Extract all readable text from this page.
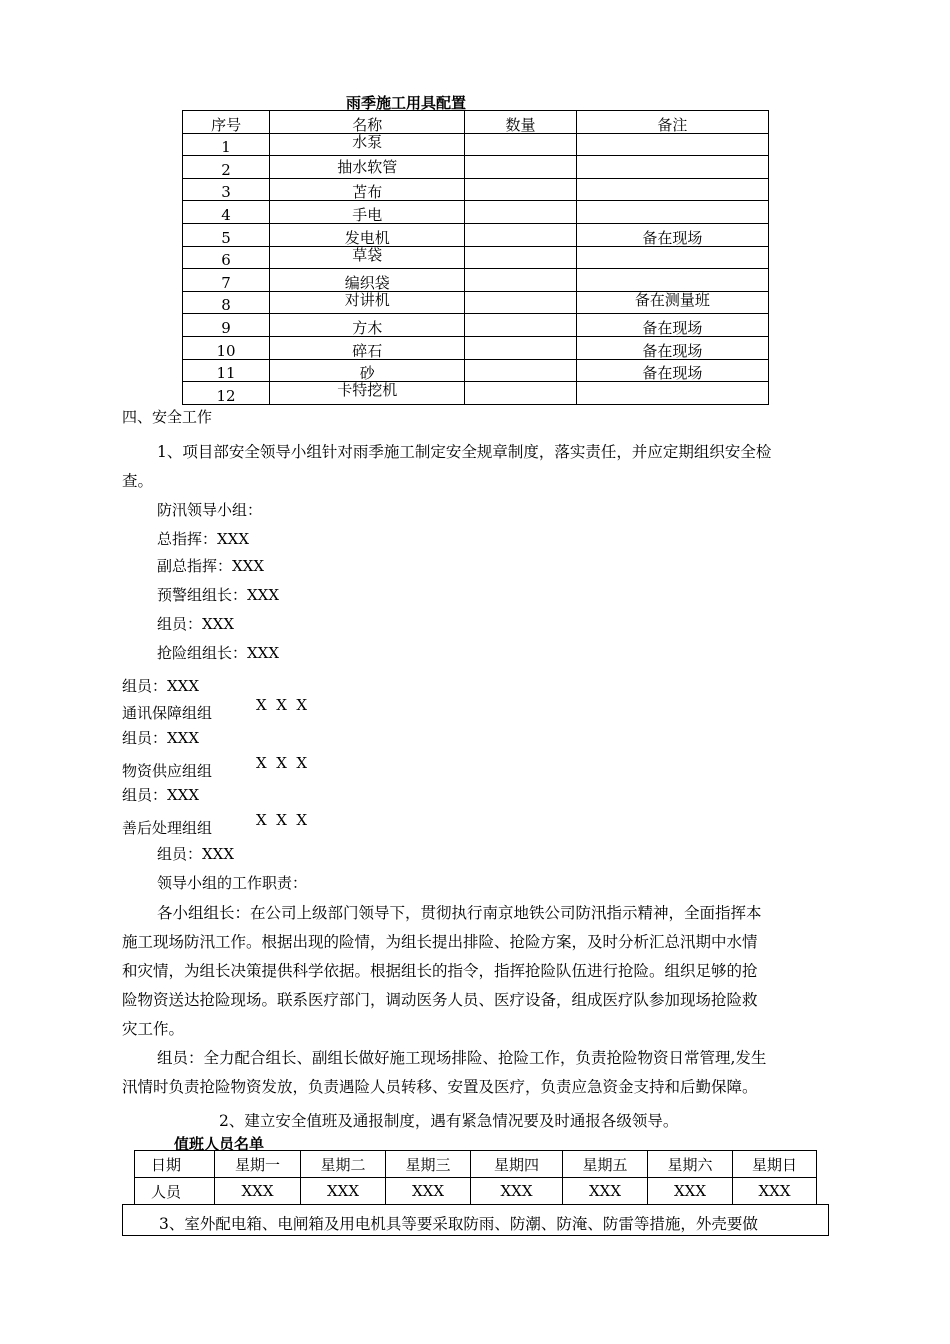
雨季施工用具配置
序号	名称	数量	备注
1	水泵		
2	抽水软管		
3	苫布		
4	手电		
5	发电机		备在现场
6	草袋		
7	编织袋		
8	对讲机		备在测量班
9	方木		备在现场
10	碎石		备在现场
11	砂		备在现场
12	卡特挖机		
四、安全工作
1、项目部安全领导小组针对雨季施工制定安全规章制度，落实责任，并应定期组织安全检
查。
防汛领导小组：
总指挥：XXX
副总指挥：XXX
预警组组长：XXX
组员：XXX
抢险组组长：XXX
组员：XXX
通讯保障组组	X  X  X
组员：XXX
物资供应组组	X  X  X
组员：XXX
善后处理组组	X  X  X
组员：XXX
领导小组的工作职责：
各小组组长：在公司上级部门领导下，贯彻执行南京地铁公司防汛指示精神，全面指挥本
施工现场防汛工作。根据出现的险情，为组长提出排险、抢险方案，及时分析汇总汛期中水情
和灾情，为组长决策提供科学依据。根据组长的指令，指挥抢险队伍进行抢险。组织足够的抢
险物资送达抢险现场。联系医疗部门，调动医务人员、医疗设备，组成医疗队参加现场抢险救
灾工作。
组员：全力配合组长、副组长做好施工现场排险、抢险工作，负责抢险物资日常管理,发生
汛情时负责抢险物资发放，负责遇险人员转移、安置及医疗，负责应急资金支持和后勤保障。
2、建立安全值班及通报制度，遇有紧急情况要及时通报各级领导。
值班人员名单
日期	星期一	星期二	星期三	星期四	星期五	星期六	星期日
人员	XXX	XXX	XXX	XXX	XXX	XXX	XXX
3、室外配电箱、电闸箱及用电机具等要采取防雨、防潮、防淹、防雷等措施，外壳要做
